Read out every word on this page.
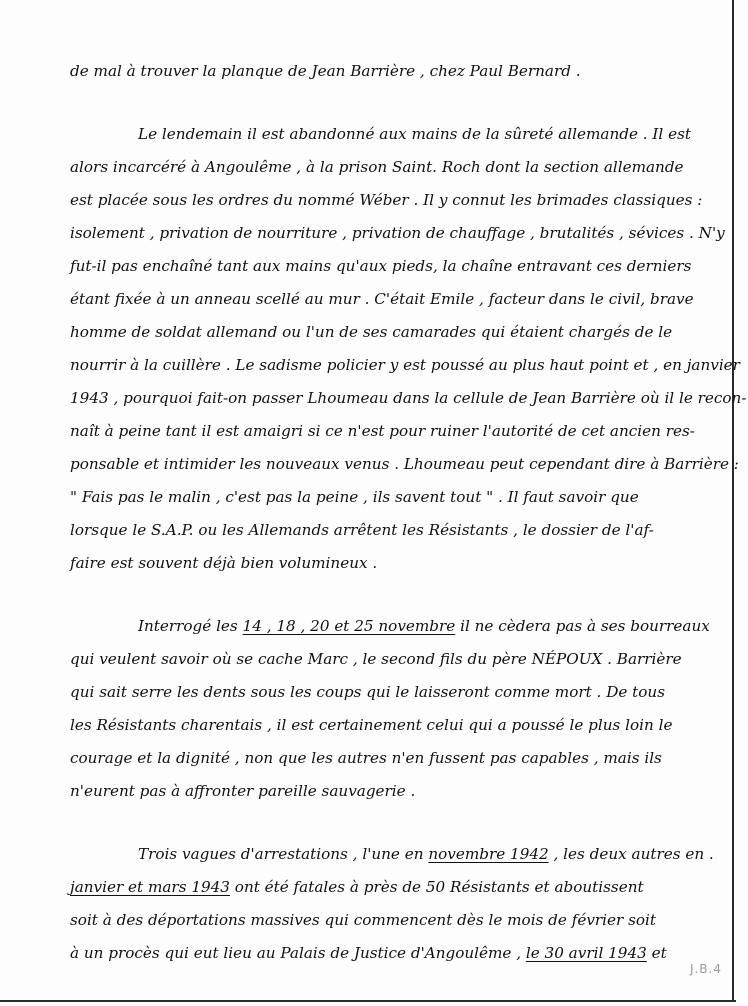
de mal à trouver la planque de Jean Barrière , chez Paul Bernard .
Le lendemain il est abandonné aux mains de la sûreté allemande . Il est
alors incarcéré à Angoulême , à la prison Saint. Roch dont la section allemande
est placée sous les ordres du nommé Wéber . Il y connut les brimades classiques :
isolement , privation de nourriture , privation de chauffage , brutalités , sévices . N'y
fut-il pas enchaîné tant aux mains qu'aux pieds, la chaîne entravant ces derniers
étant fixée à un anneau scellé au mur . C'était Emile , facteur dans le civil, brave
homme de soldat allemand ou l'un de ses camarades qui étaient chargés de le
nourrir à la cuillère . Le sadisme policier y est poussé au plus haut point et , en janvier
1943 , pourquoi fait-on passer Lhoumeau dans la cellule de Jean Barrière où il le recon-
naît à peine tant il est amaigri si ce n'est pour ruiner l'autorité de cet ancien res-
ponsable et intimider les nouveaux venus . Lhoumeau peut cependant dire à Barrière :
" Fais pas le malin , c'est pas la peine , ils savent tout " . Il faut savoir que
lorsque le S.A.P. ou les Allemands arrêtent les Résistants , le dossier de l'af-
faire est souvent déjà bien volumineux .
Interrogé les 14 , 18 , 20 et 25 novembre il ne cèdera pas à ses bourreaux
qui veulent savoir où se cache Marc , le second fils du père NÉPOUX . Barrière
qui sait serre les dents sous les coups qui le laisseront comme mort . De tous
les Résistants charentais , il est certainement celui qui a poussé le plus loin le
courage et la dignité , non que les autres n'en fussent pas capables , mais ils
n'eurent pas à affronter pareille sauvagerie .
Trois vagues d'arrestations , l'une en novembre 1942 , les deux autres en .
janvier et mars 1943 ont été fatales à près de 50 Résistants et aboutissent
soit à des déportations massives qui commencent dès le mois de février soit
à un procès qui eut lieu au Palais de Justice d'Angoulême , le 30 avril 1943 et
J.B.4
